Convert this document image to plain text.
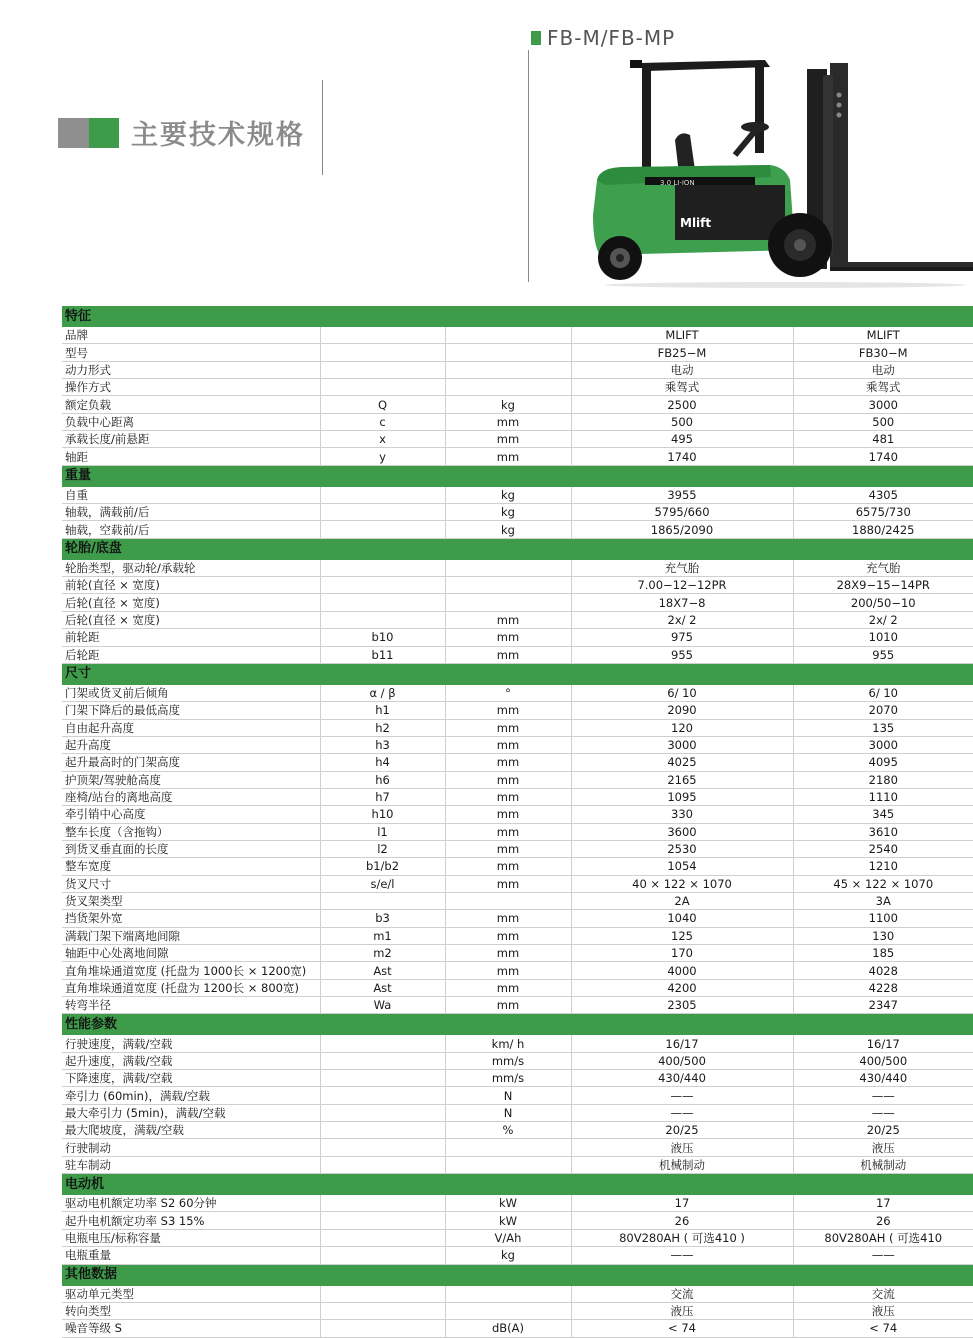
主要技术规格
FB-M/FB-MP
3.0 LI-ION
Mlift
特征				
品牌			MLIFT	MLIFT
型号			FB25−M	FB30−M
动力形式			电动	电动
操作方式			乘驾式	乘驾式
额定负载	Q	kg	2500	3000
负载中心距离	c	mm	500	500
承载长度/前悬距	x	mm	495	481
轴距	y	mm	1740	1740
重量				
自重		kg	3955	4305
轴载，满载前/后		kg	5795/660	6575/730
轴载，空载前/后		kg	1865/2090	1880/2425
轮胎/底盘				
轮胎类型，驱动轮/承载轮			充气胎	充气胎
前轮(直径 × 宽度)			7.00−12−12PR	28X9−15−14PR
后轮(直径 × 宽度)			18X7−8	200/50−10
后轮(直径 × 宽度)		mm	2x/ 2	2x/ 2
前轮距	b10	mm	975	1010
后轮距	b11	mm	955	955
尺寸				
门架或货叉前后倾角	α / β	°	6/ 10	6/ 10
门架下降后的最低高度	h1	mm	2090	2070
自由起升高度	h2	mm	120	135
起升高度	h3	mm	3000	3000
起升最高时的门架高度	h4	mm	4025	4095
护顶架/驾驶舱高度	h6	mm	2165	2180
座椅/站台的离地高度	h7	mm	1095	1110
牵引销中心高度	h10	mm	330	345
整车长度（含拖钩）	l1	mm	3600	3610
到货叉垂直面的长度	l2	mm	2530	2540
整车宽度	b1/b2	mm	1054	1210
货叉尺寸	s/e/l	mm	40 × 122 × 1070	45 × 122 × 1070
货叉架类型			2A	3A
挡货架外宽	b3	mm	1040	1100
满载门架下端离地间隙	m1	mm	125	130
轴距中心处离地间隙	m2	mm	170	185
直角堆垛通道宽度 (托盘为 1000长 × 1200宽)	Ast	mm	4000	4028
直角堆垛通道宽度 (托盘为 1200长 × 800宽)	Ast	mm	4200	4228
转弯半径	Wa	mm	2305	2347
性能参数				
行驶速度，满载/空载		km/ h	16/17	16/17
起升速度，满载/空载		mm/s	400/500	400/500
下降速度，满载/空载		mm/s	430/440	430/440
牵引力 (60min)，满载/空载		N	——	——
最大牵引力 (5min)，满载/空载		N	——	——
最大爬坡度，满载/空载		%	20/25	20/25
行驶制动			液压	液压
驻车制动			机械制动	机械制动
电动机				
驱动电机额定功率 S2 60分钟		kW	17	17
起升电机额定功率 S3 15%		kW	26	26
电瓶电压/标称容量		V/Ah	80V280AH ( 可选410 )	80V280AH ( 可选410
电瓶重量		kg	——	——
其他数据				
驱动单元类型			交流	交流
转向类型			液压	液压
噪音等级 S		dB(A)	< 74	< 74
